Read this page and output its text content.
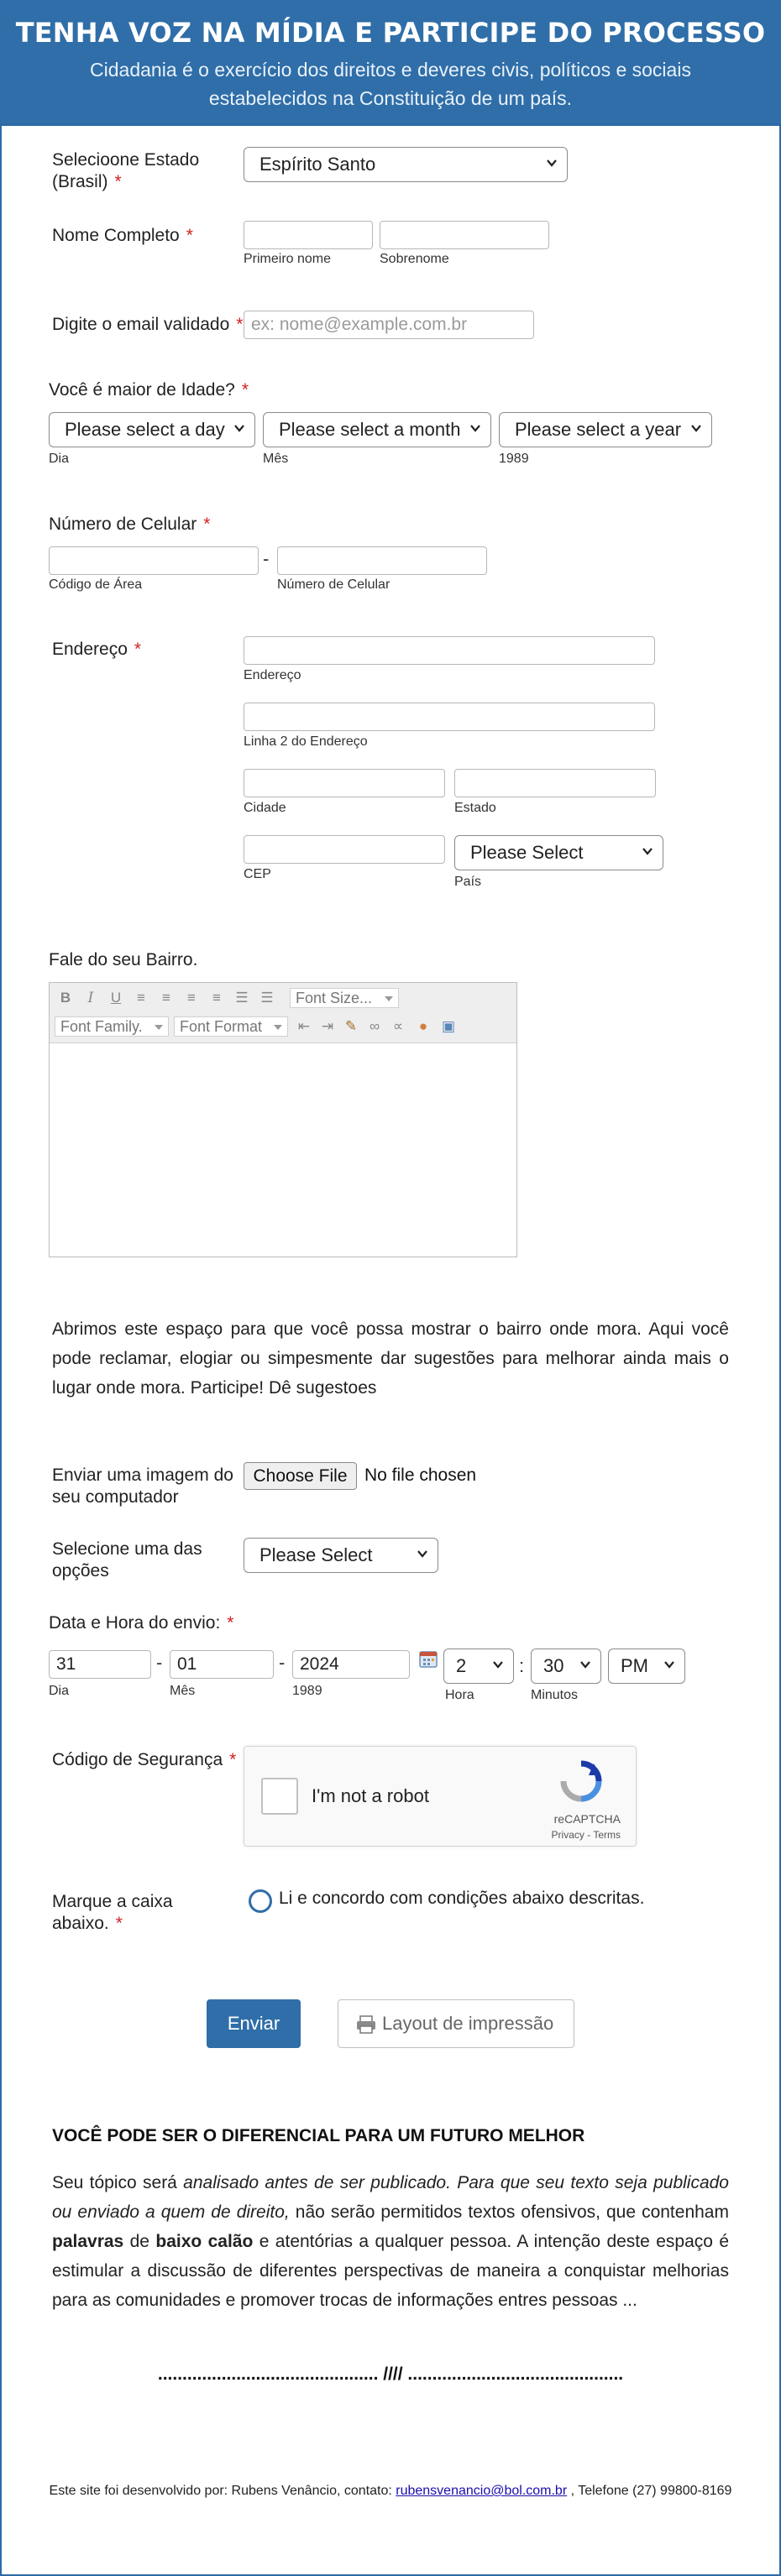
TENHA VOZ NA MÍDIA E PARTICIPE DO PROCESSO
Cidadania é o exercício dos direitos e deveres civis, políticos e sociais
estabelecidos na Constituição de um país.
Selecioone Estado
(Brasil) *
Espírito Santo
Nome Completo *
Primeiro nome	Sobrenome
Digite o email validado * ex: nome@example.com.br
Você é maior de Idade? *
Please select a day	Please select a month	Please select a year
Dia	Mês	1989
Número de Celular *
-
Código de Área	Número de Celular
Endereço *
Endereço
Linha 2 do Endereço
Cidade	Estado
Please Select
CEP
País
Fale do seu Bairro.
B	I	U	≡	≡	≡	≡	☰ ☰	Font Size...
Font Family.	Font Format	⇤ ⇥ ✎ ∞ ∝	● ▣
Abrimos este espaço para que você possa mostrar o bairro onde mora. Aqui você pode reclamar, elogiar ou simpesmente dar sugestões para melhorar ainda mais o lugar onde mora. Participe! Dê sugestoes
Enviar uma imagem do
seu computador
Choose File No file chosen
Selecione uma das
opções
Please Select
Data e Hora do envio: *
31	- 01	- 2024	2	:	30	PM
Dia	Mês	1989	Hora	Minutos
Código de Segurança *
I'm not a robot
reCAPTCHA
Privacy - Terms
Marque a caixa
abaixo. *
Li e concordo com condições abaixo descritas.
Enviar	Layout de impressão
VOCÊ PODE SER O DIFERENCIAL PARA UM FUTURO MELHOR
Seu tópico será analisado antes de ser publicado. Para que seu texto seja publicado ou enviado a quem de direito, não serão permitidos textos ofensivos, que contenham palavras de baixo calão e atentórias a qualquer pessoa. A intenção deste espaço é estimular a discussão de diferentes perspectivas de maneira a conquistar melhorias para as comunidades e promover trocas de informações entres pessoas ...
............................................. //// ............................................
Este site foi desenvolvido por: Rubens Venâncio, contato: rubensvenancio@bol.com.br , Telefone (27) 99800-8169
